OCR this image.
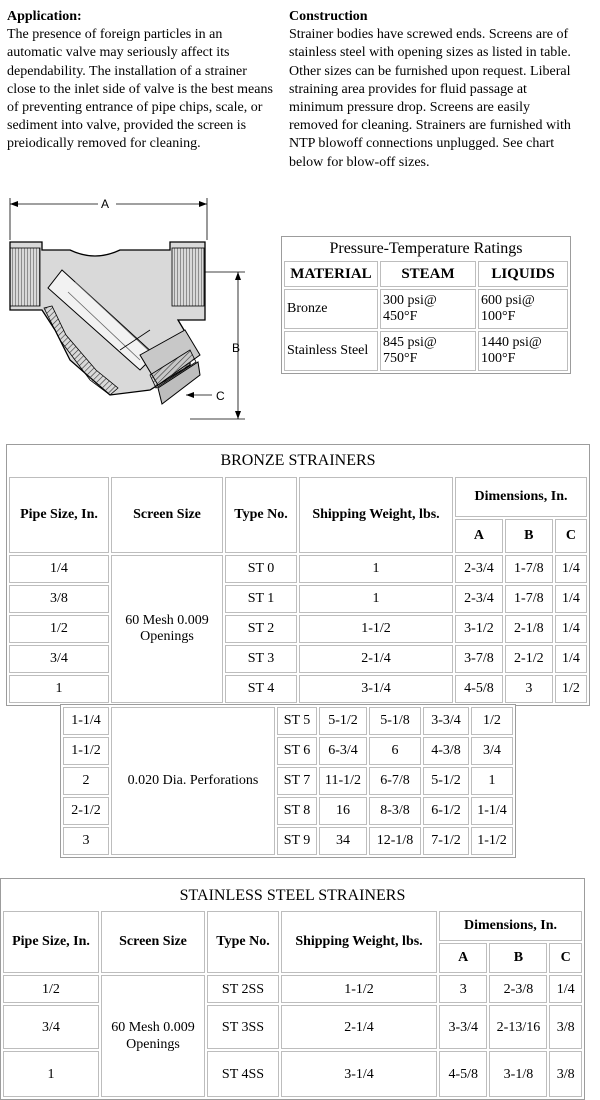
Application:

The presence of foreign particles in an automatic valve may seriously affect its dependability. The installation of a strainer close to the inlet side of valve is the best means of preventing entrance of pipe chips, scale, or sediment into valve, provided the screen is preiodically removed for cleaning.

Construction

Strainer bodies have screwed ends. Screens are of stainless steel with opening sizes as listed in table. Other sizes can be furnished upon request. Liberal straining area provides for fluid passage at minimum pressure drop. Screens are easily removed for cleaning. Strainers are furnished with NTP blowoff connections unplugged. See chart below for blow-off sizes.

A
B
C
Pressure-Temperature Ratings		
MATERIAL	STEAM	LIQUIDS
Bronze	300 psi@ 450°F	600 psi@ 100°F
Stainless Steel	845 psi@ 750°F	1440 psi@ 100°F
BRONZE STRAINERS						
Pipe Size, In.	Screen Size	Type No.	Shipping Weight, lbs.	Dimensions, In.		
				A	B	C
1/4	60 Mesh 0.009 Openings	ST 0	1	2-3/4	1-7/8	1/4
3/8		ST 1	1	2-3/4	1-7/8	1/4
1/2		ST 2	1-1/2	3-1/2	2-1/8	1/4
3/4		ST 3	2-1/4	3-7/8	2-1/2	1/4
1		ST 4	3-1/4	4-5/8	3	1/2
1-1/4	0.020 Dia. Perforations	ST 5	5-1/2	5-1/8	3-3/4	1/2
1-1/2		ST 6	6-3/4	6	4-3/8	3/4
2		ST 7	11-1/2	6-7/8	5-1/2	1
2-1/2		ST 8	16	8-3/8	6-1/2	1-1/4
3		ST 9	34	12-1/8	7-1/2	1-1/2
STAINLESS STEEL STRAINERS						
Pipe Size, In.	Screen Size	Type No.	Shipping Weight, lbs.	Dimensions, In.		
				A	B	C
1/2	60 Mesh 0.009 Openings	ST 2SS	1-1/2	3	2-3/8	1/4
3/4		ST 3SS	2-1/4	3-3/4	2-13/16	3/8
1		ST 4SS	3-1/4	4-5/8	3-1/8	3/8
